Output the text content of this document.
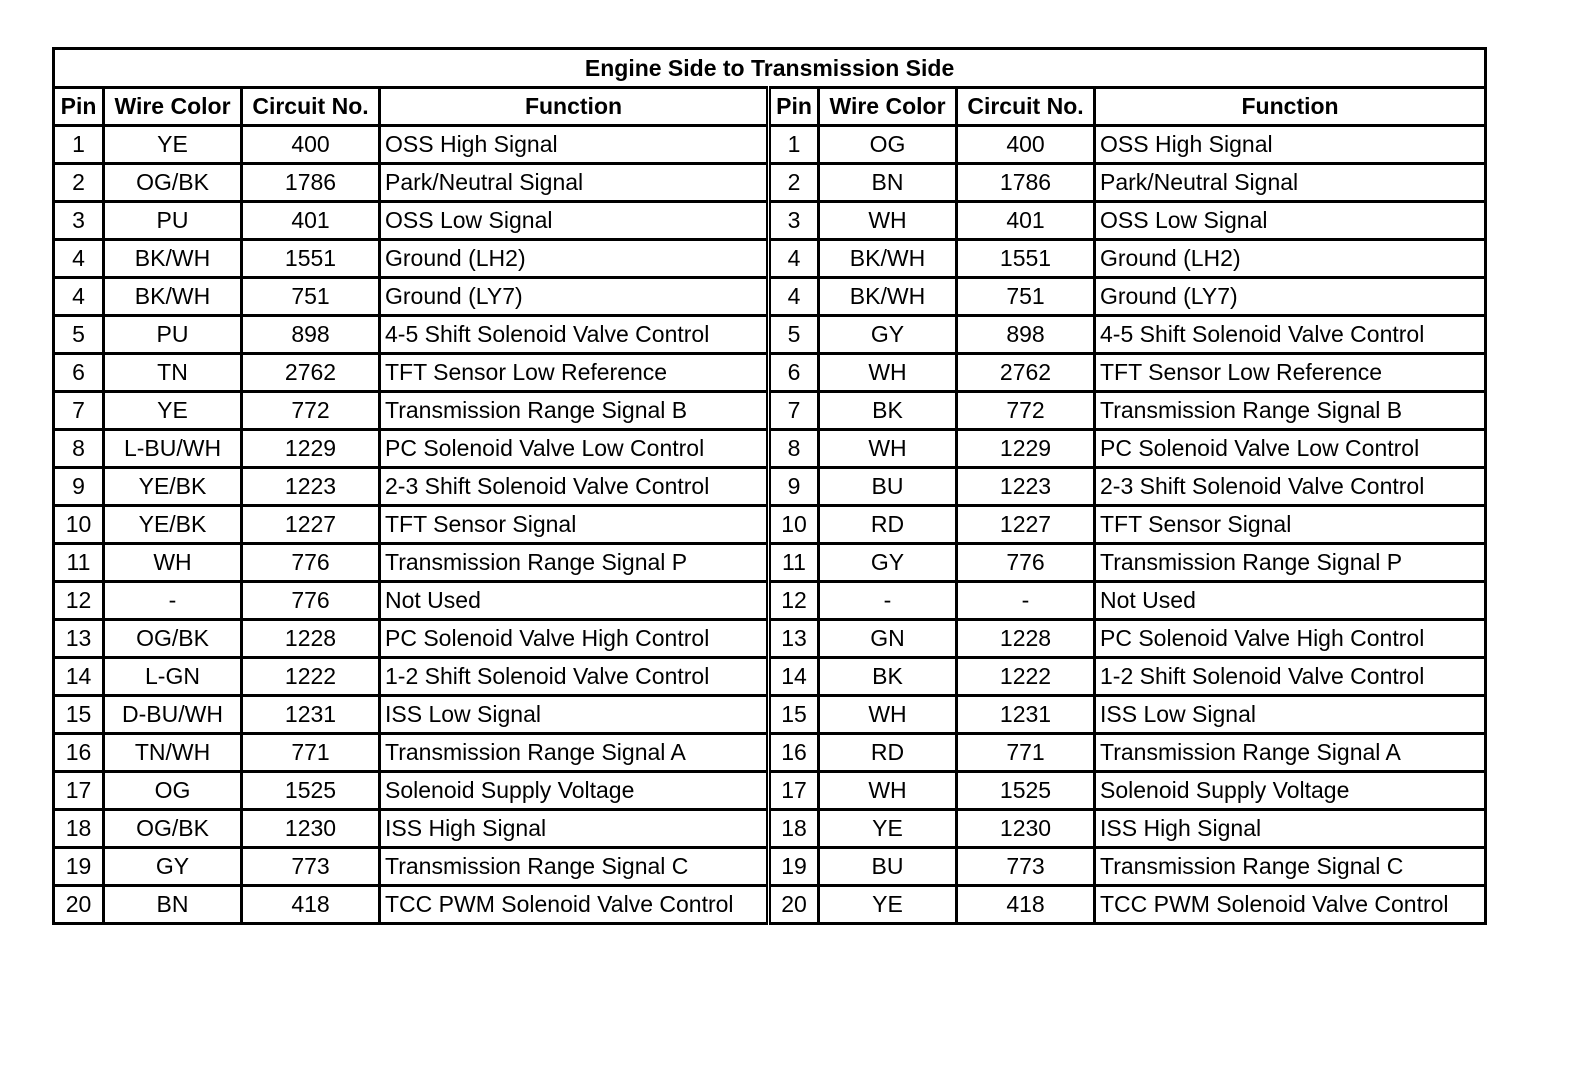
Engine Side to Transmission Side							
Pin	Wire Color	Circuit No.	Function	Pin	Wire Color	Circuit No.	Function
1	YE	400	OSS High Signal	1	OG	400	OSS High Signal
2	OG/BK	1786	Park/Neutral Signal	2	BN	1786	Park/Neutral Signal
3	PU	401	OSS Low Signal	3	WH	401	OSS Low Signal
4	BK/WH	1551	Ground (LH2)	4	BK/WH	1551	Ground (LH2)
4	BK/WH	751	Ground (LY7)	4	BK/WH	751	Ground (LY7)
5	PU	898	4-5 Shift Solenoid Valve Control	5	GY	898	4-5 Shift Solenoid Valve Control
6	TN	2762	TFT Sensor Low Reference	6	WH	2762	TFT Sensor Low Reference
7	YE	772	Transmission Range Signal B	7	BK	772	Transmission Range Signal B
8	L-BU/WH	1229	PC Solenoid Valve Low Control	8	WH	1229	PC Solenoid Valve Low Control
9	YE/BK	1223	2-3 Shift Solenoid Valve Control	9	BU	1223	2-3 Shift Solenoid Valve Control
10	YE/BK	1227	TFT Sensor Signal	10	RD	1227	TFT Sensor Signal
11	WH	776	Transmission Range Signal P	11	GY	776	Transmission Range Signal P
12	-	776	Not Used	12	-	-	Not Used
13	OG/BK	1228	PC Solenoid Valve High Control	13	GN	1228	PC Solenoid Valve High Control
14	L-GN	1222	1-2 Shift Solenoid Valve Control	14	BK	1222	1-2 Shift Solenoid Valve Control
15	D-BU/WH	1231	ISS Low Signal	15	WH	1231	ISS Low Signal
16	TN/WH	771	Transmission Range Signal A	16	RD	771	Transmission Range Signal A
17	OG	1525	Solenoid Supply Voltage	17	WH	1525	Solenoid Supply Voltage
18	OG/BK	1230	ISS High Signal	18	YE	1230	ISS High Signal
19	GY	773	Transmission Range Signal C	19	BU	773	Transmission Range Signal C
20	BN	418	TCC PWM Solenoid Valve Control	20	YE	418	TCC PWM Solenoid Valve Control
